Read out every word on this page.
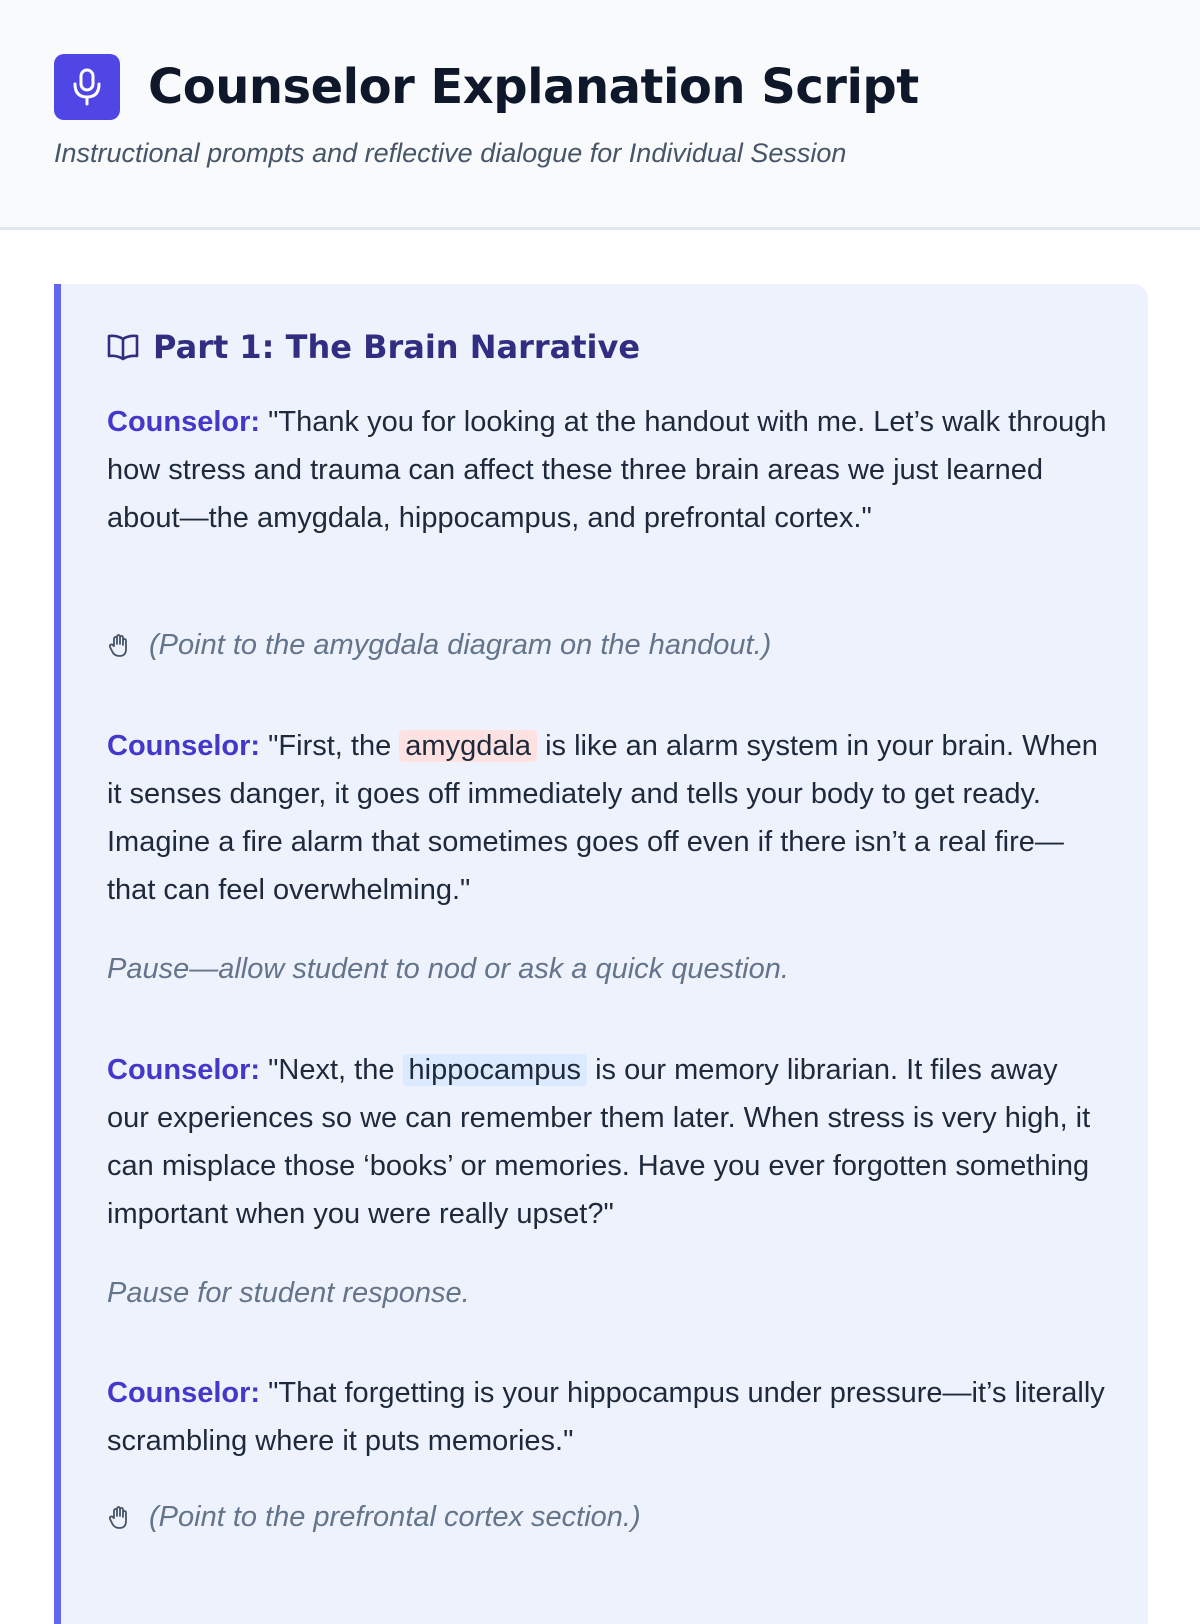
Counselor Explanation Script
Instructional prompts and reflective dialogue for Individual Session
Part 1: The Brain Narrative

Counselor: "Thank you for looking at the handout with me. Let’s walk through how stress and trauma can affect these three brain areas we just learned about—the amygdala, hippocampus, and prefrontal cortex."

(Point to the amygdala diagram on the handout.)

Counselor: "First, the amygdala is like an alarm system in your brain. When it senses danger, it goes off immediately and tells your body to get ready. Imagine a fire alarm that sometimes goes off even if there isn’t a real fire—that can feel overwhelming."

Pause—allow student to nod or ask a quick question.

Counselor: "Next, the hippocampus is our memory librarian. It files away our experiences so we can remember them later. When stress is very high, it can misplace those ‘books’ or memories. Have you ever forgotten something important when you were really upset?"

Pause for student response.

Counselor: "That forgetting is your hippocampus under pressure—it’s literally scrambling where it puts memories."

(Point to the prefrontal cortex section.)
